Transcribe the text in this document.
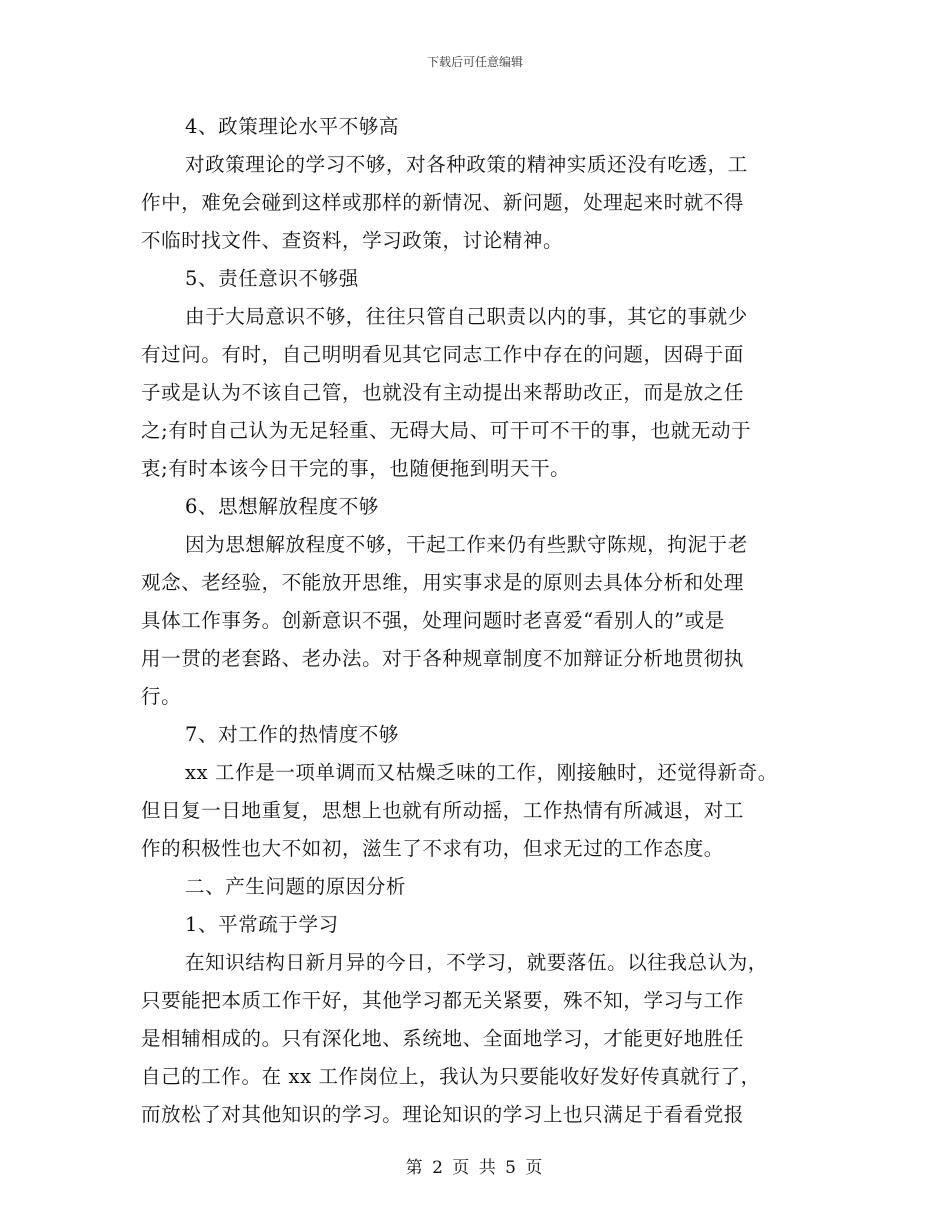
下载后可任意编辑
4、政策理论水平不够高
对政策理论的学习不够，对各种政策的精神实质还没有吃透，工
作中，难免会碰到这样或那样的新情况、新问题，处理起来时就不得
不临时找文件、查资料，学习政策，讨论精神。
5、责任意识不够强
由于大局意识不够，往往只管自己职责以内的事，其它的事就少
有过问。有时，自己明明看见其它同志工作中存在的问题，因碍于面
子或是认为不该自己管，也就没有主动提出来帮助改正，而是放之任
之;有时自己认为无足轻重、无碍大局、可干可不干的事，也就无动于
衷;有时本该今日干完的事，也随便拖到明天干。
6、思想解放程度不够
因为思想解放程度不够，干起工作来仍有些默守陈规，拘泥于老
观念、老经验，不能放开思维，用实事求是的原则去具体分析和处理
具体工作事务。创新意识不强，处理问题时老喜爱“看别人的”或是
用一贯的老套路、老办法。对于各种规章制度不加辩证分析地贯彻执
行。
7、对工作的热情度不够
xx 工作是一项单调而又枯燥乏味的工作，刚接触时，还觉得新奇。
但日复一日地重复，思想上也就有所动摇，工作热情有所减退，对工
作的积极性也大不如初，滋生了不求有功，但求无过的工作态度。
二、产生问题的原因分析
1、平常疏于学习
在知识结构日新月异的今日，不学习，就要落伍。以往我总认为，
只要能把本质工作干好，其他学习都无关紧要，殊不知，学习与工作
是相辅相成的。只有深化地、系统地、全面地学习，才能更好地胜任
自己的工作。在 xx 工作岗位上，我认为只要能收好发好传真就行了，
而放松了对其他知识的学习。理论知识的学习上也只满足于看看党报
第 2 页 共 5 页
